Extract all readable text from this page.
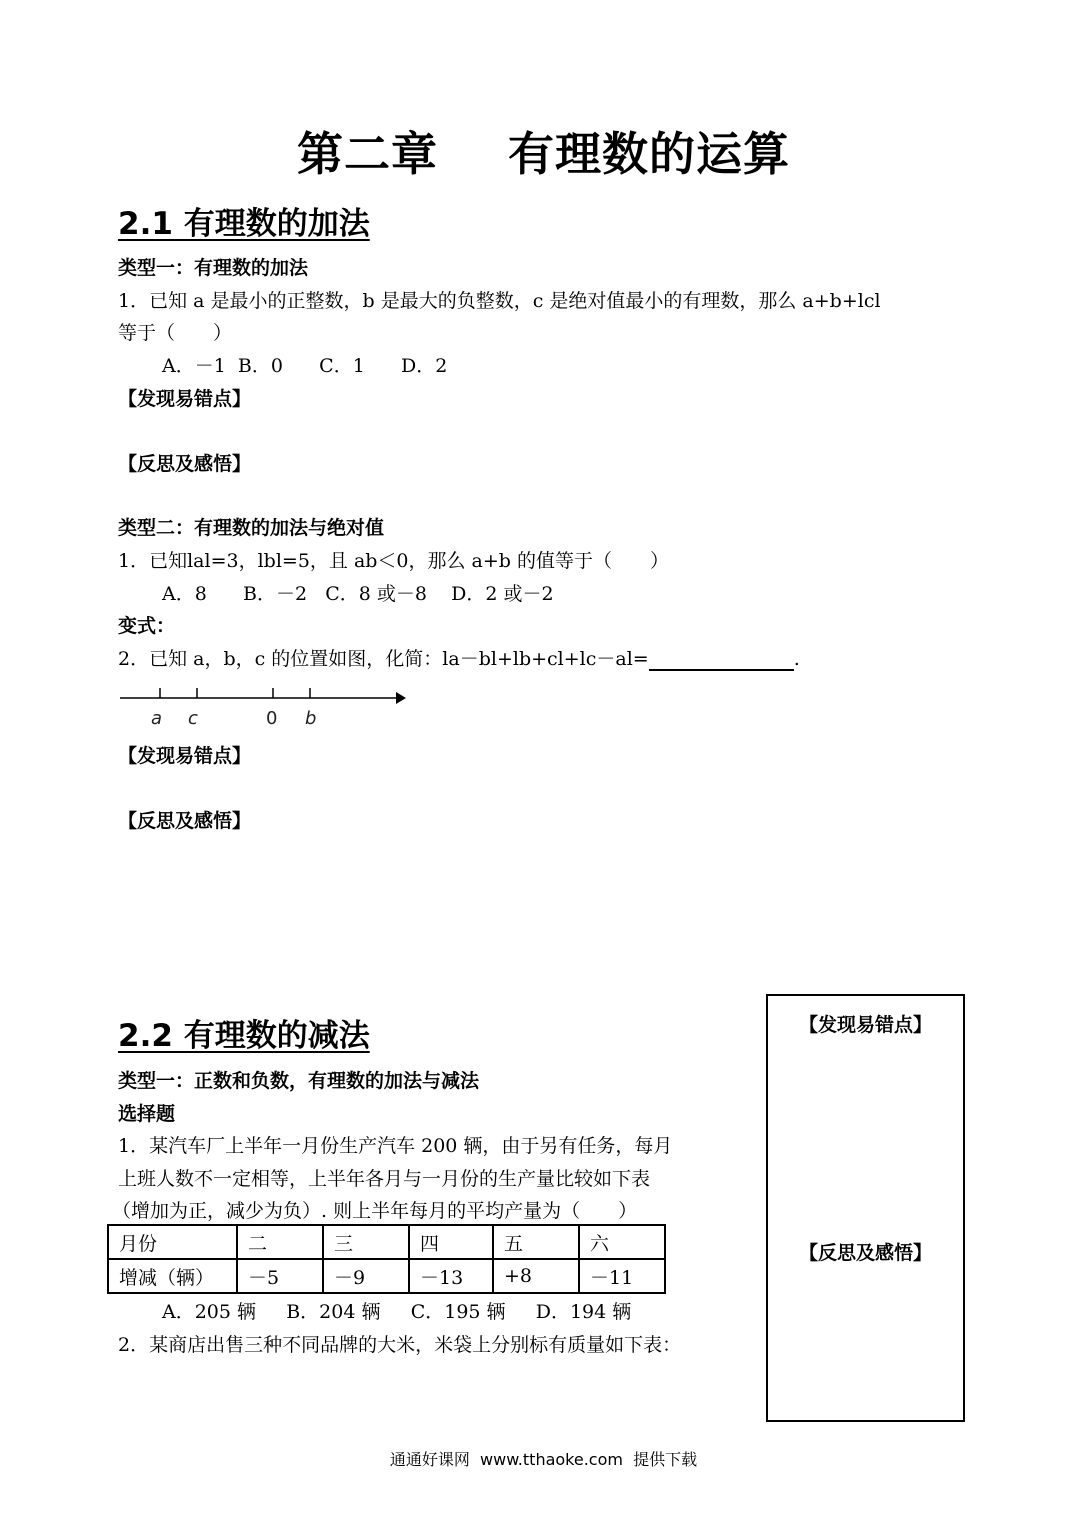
第二章 有理数的运算
2.1 有理数的加法
类型一：有理数的加法
1．已知 a 是最小的正整数，b 是最大的负整数，c 是绝对值最小的有理数，那么 a+b+lcl
等于（　　）
A．－1  B．0      C．1      D．2
【发现易错点】
【反思及感悟】
类型二：有理数的加法与绝对值
1．已知lal=3，lbl=5，且 ab＜0，那么 a+b 的值等于（　　）
A．8      B．－2   C．8 或－8    D．2 或－2
变式：
2．已知 a，b，c 的位置如图，化简：la－bl+lb+cl+lc－al=	.
a c	0 b
【发现易错点】
【反思及感悟】
【发现易错点】
【反思及感悟】
2.2 有理数的减法
类型一：正数和负数，有理数的加法与减法
选择题
1．某汽车厂上半年一月份生产汽车 200 辆，由于另有任务，每月
上班人数不一定相等，上半年各月与一月份的生产量比较如下表
（增加为正，减少为负）. 则上半年每月的平均产量为（　　）
月份	二	三	四	五	六
增减（辆）	－5	－9	－13	+8	－11
A．205 辆     B．204 辆     C．195 辆     D．194 辆
2．某商店出售三种不同品牌的大米，米袋上分别标有质量如下表：
通通好课网  www.tthaoke.com  提供下载
